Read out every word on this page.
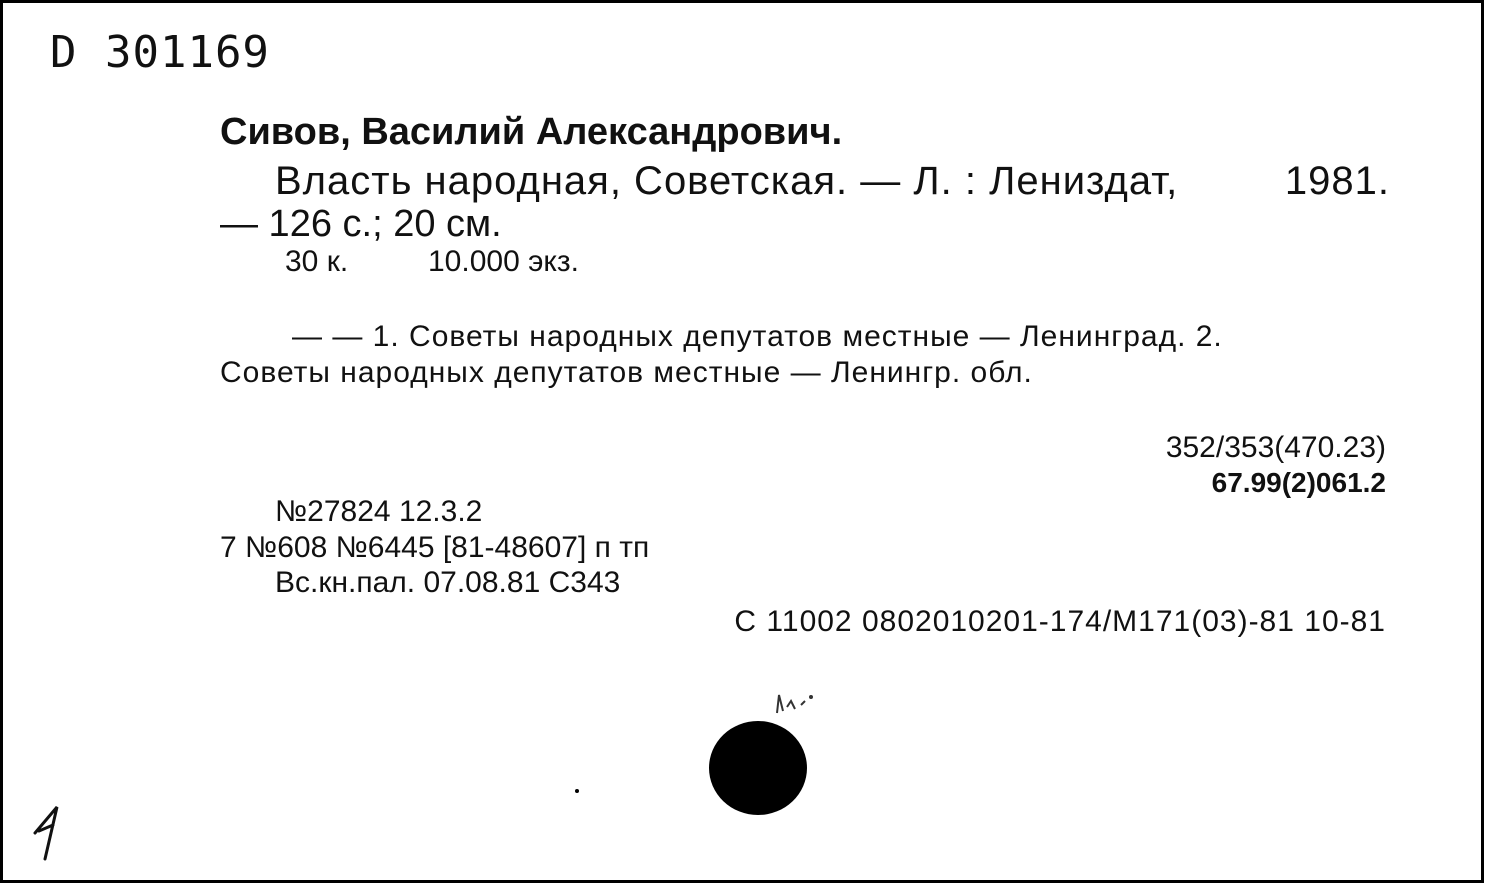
D 301169
Сивов, Василий Александрович.
Власть народная, Советская. — Л. : Лениздат,	1981.
— 126 с.; 20 см.
30 к.	10.000 экз.
— — 1. Советы народных депутатов местные — Ленинград. 2.
Советы народных депутатов местные — Ленингр. обл.
352/353(470.23)
67.99(2)061.2
№27824 12.3.2
7 №608 №6445 [81-48607] п тп
Вс.кн.пал. 07.08.81 С343
С 11002 0802010201-174/М171(03)-81 10-81
